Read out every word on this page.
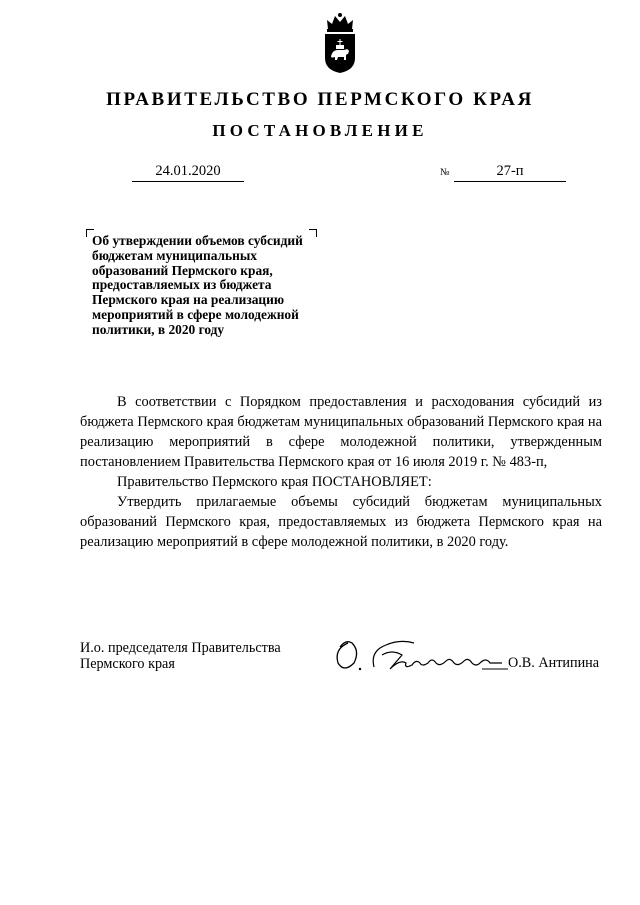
ПРАВИТЕЛЬСТВО ПЕРМСКОГО КРАЯ
ПОСТАНОВЛЕНИЕ
24.01.2020	№	27-п
Об утверждении объемов субсидий
бюджетам муниципальных
образований Пермского края,
предоставляемых из бюджета
Пермского края на реализацию
мероприятий в сфере молодежной
политики, в 2020 году

В соответствии с Порядком предоставления и расходования субсидий из бюджета Пермского края бюджетам муниципальных образований Пермского края на реализацию мероприятий в сфере молодежной политики, утвержденным постановлением Правительства Пермского края от 16 июля 2019 г. № 483-п,

Правительство Пермского края ПОСТАНОВЛЯЕТ:

Утвердить прилагаемые объемы субсидий бюджетам муниципальных образований Пермского края, предоставляемых из бюджета Пермского края на реализацию мероприятий в сфере молодежной политики, в 2020 году.

И.о. председателя Правительства
Пермского края	О.В. Антипина
